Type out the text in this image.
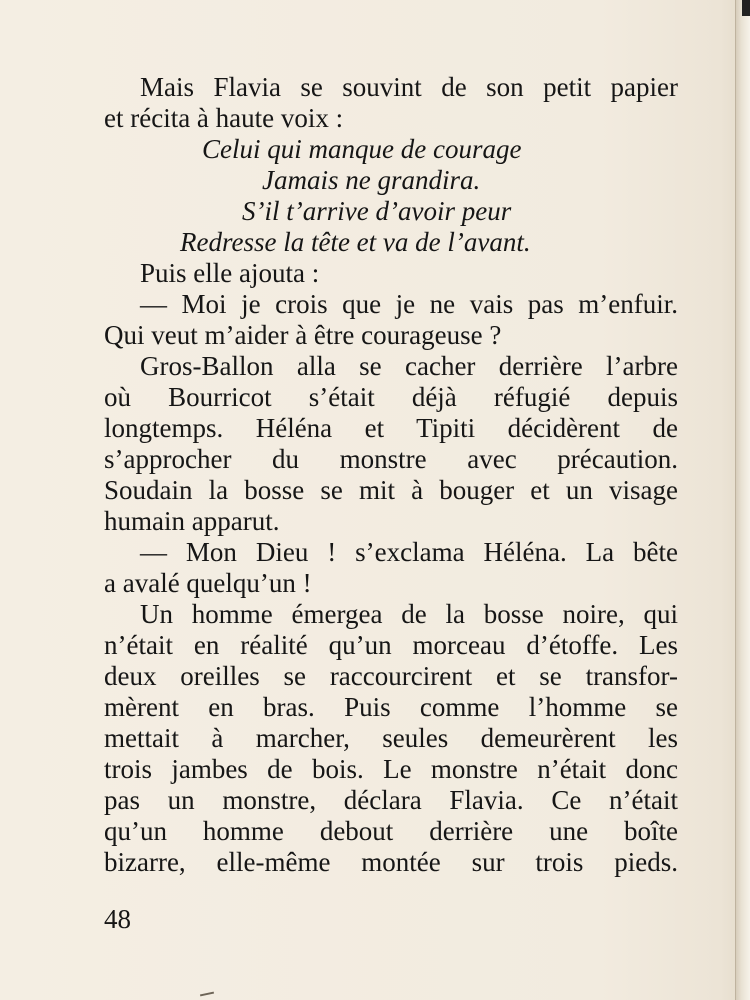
Mais Flavia se souvint de son petit papier
et récita à haute voix :
Celui qui manque de courage
Jamais ne grandira.
S’il t’arrive d’avoir peur
Redresse la tête et va de l’avant.
Puis elle ajouta :
— Moi je crois que je ne vais pas m’enfuir.
Qui veut m’aider à être courageuse ?
Gros-Ballon alla se cacher derrière l’arbre
où Bourricot s’était déjà réfugié depuis
longtemps. Héléna et Tipiti décidèrent de
s’approcher du monstre avec précaution.
Soudain la bosse se mit à bouger et un visage
humain apparut.
— Mon Dieu ! s’exclama Héléna. La bête
a avalé quelqu’un !
Un homme émergea de la bosse noire, qui
n’était en réalité qu’un morceau d’étoffe. Les
deux oreilles se raccourcirent et se transfor-
mèrent en bras. Puis comme l’homme se
mettait à marcher, seules demeurèrent les
trois jambes de bois. Le monstre n’était donc
pas un monstre, déclara Flavia. Ce n’était
qu’un homme debout derrière une boîte
bizarre, elle-même montée sur trois pieds.
48
